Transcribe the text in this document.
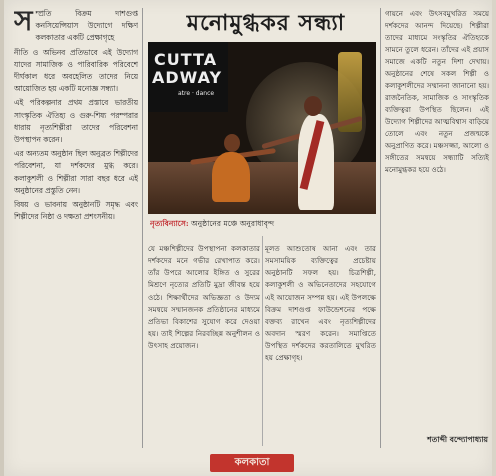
স ম্প্রতি বিক্রম দাশগুপ্ত কনসিয়েন্সিয়াস উদ্যোগে দক্ষিণ কলকাতার একটি প্রেক্ষাগৃহে

নীতি ও অভিনব প্রতিভাবে এই উদ্যোগ যাদের সামাজিক ও পারিবারিক পরিবেশে দীর্ঘকাল ধরে অবহেলিত তাদের নিয়ে আয়োজিত হয় একটি মনোজ্ঞ সন্ধ্যা।

এই পরিকল্পনার প্রথম প্রস্তাবে ভারতীয় সাংস্কৃতিক ঐতিহ্য ও গুরু-শিষ্য পরম্পরার ধারায় নৃত্যশিল্পীরা তাদের পরিবেশনা উপস্থাপন করেন।

এর অন্যতম অনুষ্ঠান ছিল অনুব্রত শিল্পীদের পরিবেশনা, যা দর্শকদের মুগ্ধ করে। কলাকুশলী ও শিল্পীরা সারা বছর ধরে এই অনুষ্ঠানের প্রস্তুতি নেন।

বিষয় ও ভাবনায় অনুষ্ঠানটি সমৃদ্ধ এবং শিল্পীদের নিষ্ঠা ও দক্ষতা প্রশংসনীয়।

মনোমুগ্ধকর সন্ধ্যা
CUTTA
ADWAY
atre · dance
নৃত্যবিন্যাসে: অনুষ্ঠানের মঞ্চে অনুরাধাবৃন্দ

যে মঞ্চশিল্পীদের উপস্থাপনা কলকাতার দর্শকদের মনে গভীর রেখাপাত করে। তাঁর উপরে আলোর ইঙ্গিত ও সুরের মিশ্রণে নৃত্যের প্রতিটি মুদ্রা জীবন্ত হয়ে ওঠে। শিক্ষার্থীদের অভিজ্ঞতা ও উদ্যম সমন্বয়ে সম্মানজনক প্রতিষ্ঠানের মাধ্যমে প্রতিভা বিকাশের সুযোগ করে দেওয়া হয়। তাই শিল্পের নিরবচ্ছিন্ন অনুশীলন ও উৎসাহ প্রয়োজন।

মূলত আশুতোষ আনা এবং তার সমসাময়িক ব্যক্তিত্বের প্রচেষ্টায় অনুষ্ঠানটি সফল হয়। চিত্রশিল্পী, কলাকুশলী ও অভিনেতাদের সহযোগে এই আয়োজন সম্পন্ন হয়। এই উপলক্ষে বিক্রম দাশগুপ্ত ফাউন্ডেশনের পক্ষে বক্তব্য রাখেন এবং নৃত্যশিল্পীদের অবদান স্মরণ করেন। সমাপ্তিতে উপস্থিত দর্শকদের করতালিতে মুখরিত হয় প্রেক্ষাগৃহ।

গায়নে এবং উৎসবমুখরিত সময়ে দর্শকদের আনন্দ দিয়েছে। শিল্পীরা তাদের মাধ্যমে সংস্কৃতির ঐতিহ্যকে সামনে তুলে ধরেন। তাঁদের এই প্রয়াস সমাজে একটি নতুন দিশা দেখায়। অনুষ্ঠানের শেষে সকল শিল্পী ও কলাকুশলীদের সম্মাননা জানানো হয়। রাজনৈতিক, সামাজিক ও সাংস্কৃতিক ব্যক্তিত্বরা উপস্থিত ছিলেন। এই উদ্যোগ শিল্পীদের আত্মবিশ্বাস বাড়িয়ে তোলে এবং নতুন প্রজন্মকে অনুপ্রাণিত করে। মঞ্চসজ্জা, আলো ও সঙ্গীতের সমন্বয়ে সন্ধ্যাটি সত্যিই মনোমুগ্ধকর হয়ে ওঠে।

শতাব্দী বন্দ্যোপাধ্যায়
কলকাতা
